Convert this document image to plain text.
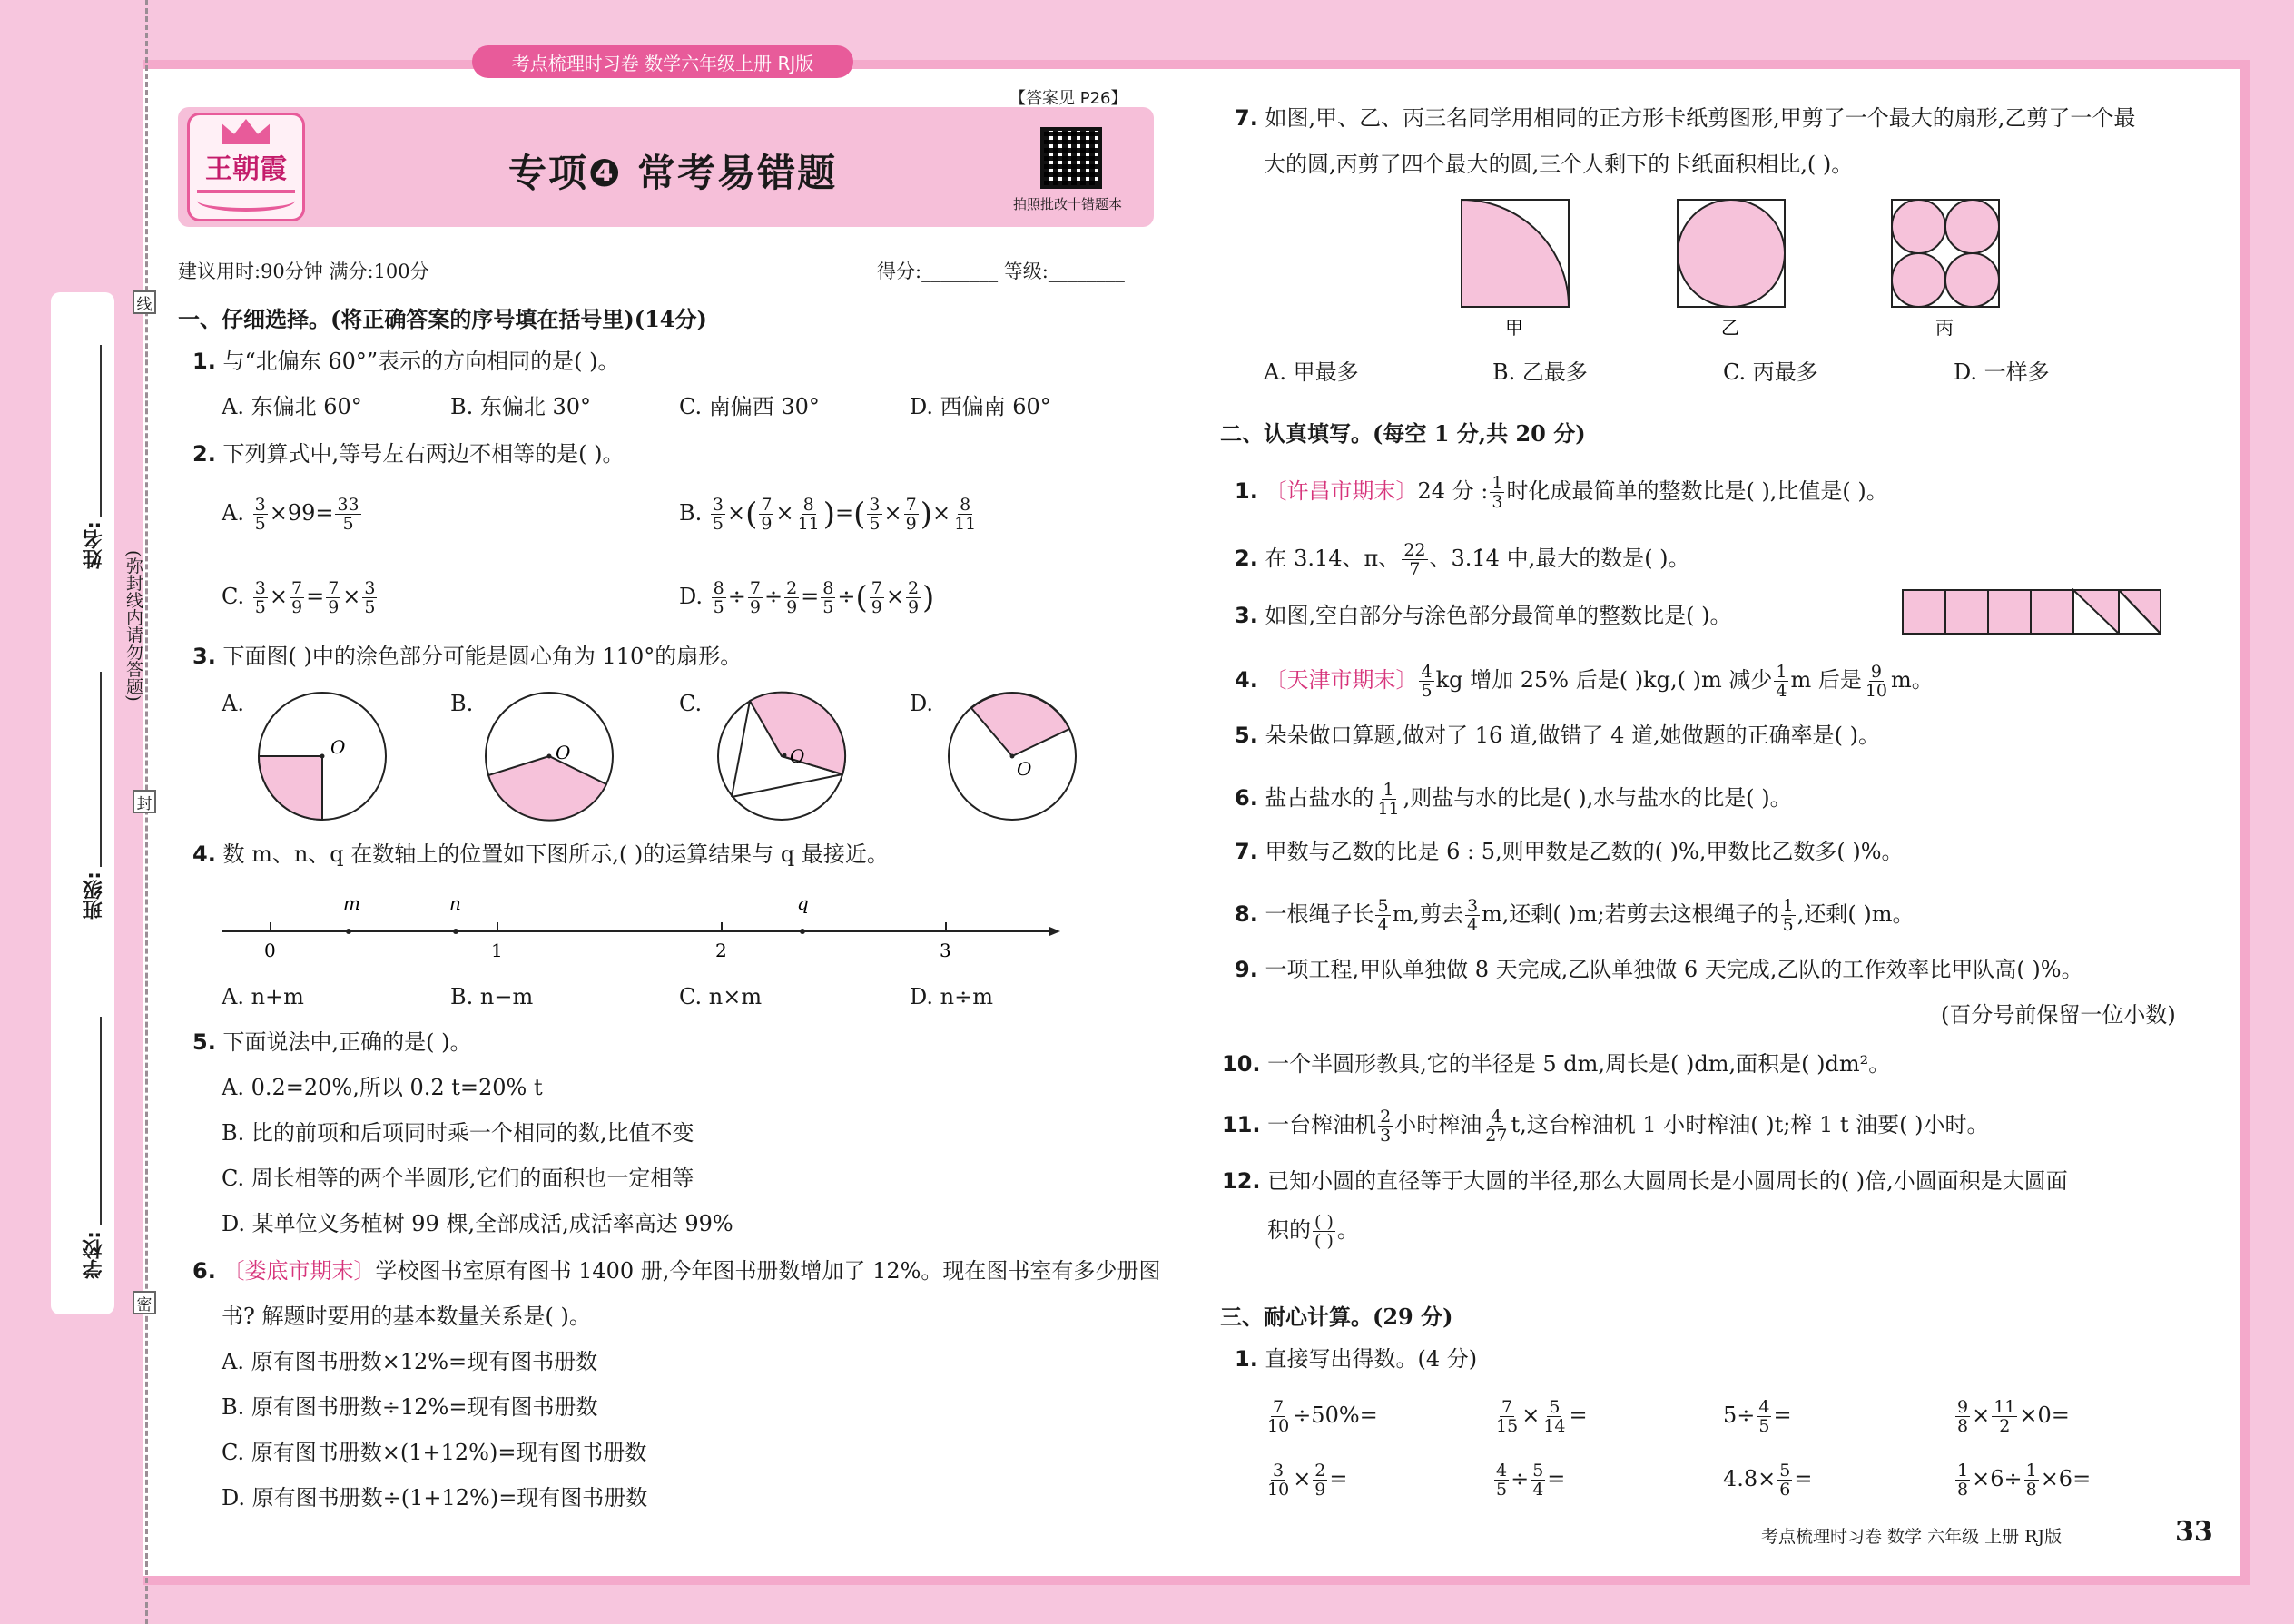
考点梳理时习卷 数学六年级上册 RJ版
王朝霞	专项❹ 常考易错题
【答案见 P26】
拍照批改十错题本
建议用时:90分钟 满分:100分	得分:________ 等级:________
姓名:
班级:
学校:
(弥封线内请勿答题)
线
封
密
一、仔细选择。(将正确答案的序号填在括号里)(14分)
1. 与“北偏东 60°”表示的方向相同的是( )。
A. 东偏北 60°	B. 东偏北 30°	C. 南偏西 30°	D. 西偏南 60°
2. 下列算式中,等号左右两边不相等的是( )。
A. $\frac{3}{5} \times 99= \frac{33}{5}$	B. $\frac{3}{5}$ ×( $\frac{7}{9} \times \frac{8}{11}$ )=( $\frac{3}{5} \times \frac{7}{9}$ )× $\frac{8}{11}$
C. $\frac{3}{5} \times \frac{7}{9} = \frac{7}{9} \times \frac{3}{5}$	D. $\frac{8}{5} \div \frac{7}{9} \div \frac{2}{9} = \frac{8}{5}$ ÷( $\frac{7}{9} \times \frac{2}{9}$ )
3. 下面图( )中的涂色部分可能是圆心角为 110°的扇形。
A.	B.	C.	D.
O	O	O
O
4. 数 m、n、q 在数轴上的位置如下图所示,( )的运算结果与 q 最接近。
m	n	q
0	1	2	3
A. n+m	B. n−m	C. n×m	D. n÷m
5. 下面说法中,正确的是( )。
A. 0.2=20%,所以 0.2 t=20% t
B. 比的前项和后项同时乘一个相同的数,比值不变
C. 周长相等的两个半圆形,它们的面积也一定相等
D. 某单位义务植树 99 棵,全部成活,成活率高达 99%
6. 〔娄底市期末〕学校图书室原有图书 1400 册,今年图书册数增加了 12%。现在图书室有多少册图
书? 解题时要用的基本数量关系是( )。
A. 原有图书册数×12%=现有图书册数
B. 原有图书册数÷12%=现有图书册数
C. 原有图书册数×(1+12%)=现有图书册数
D. 原有图书册数÷(1+12%)=现有图书册数
7. 如图,甲、乙、丙三名同学用相同的正方形卡纸剪图形,甲剪了一个最大的扇形,乙剪了一个最
大的圆,丙剪了四个最大的圆,三个人剩下的卡纸面积相比,( )。
甲	乙	丙
A. 甲最多	B. 乙最多	C. 丙最多	D. 一样多
二、认真填写。(每空 1 分,共 20 分)
1. 〔许昌市期末〕24 分 : $\frac{1}{3}$ 时化成最简单的整数比是( ),比值是( )。
2. 在 3.14、π、 $\frac{22}{7}$ 、3.1̇4̇ 中,最大的数是( )。
3. 如图,空白部分与涂色部分最简单的整数比是( )。
4. 〔天津市期末〕 $\frac{4}{5}$ kg 增加 25% 后是( )kg,( )m 减少 $\frac{1}{4}$ m 后是 $\frac{9}{10}$ m。
5. 朵朵做口算题,做对了 16 道,做错了 4 道,她做题的正确率是( )。
6. 盐占盐水的 $\frac{1}{11}$ ,则盐与水的比是( ),水与盐水的比是( )。
7. 甲数与乙数的比是 6 : 5,则甲数是乙数的( )%,甲数比乙数多( )%。
8. 一根绳子长 $\frac{5}{4} m$,剪去 $\frac{3}{4} m$,还剩( )m;若剪去这根绳子的 $\frac{1}{5}$ ,还剩( )m。
9. 一项工程,甲队单独做 8 天完成,乙队单独做 6 天完成,乙队的工作效率比甲队高( )%。
(百分号前保留一位小数)
10. 一个半圆形教具,它的半径是 5 dm,周长是( )dm,面积是( )dm²。
11. 一台榨油机 $\frac{2}{3}$ 小时榨油 $\frac{4}{27} t$,这台榨油机 1 小时榨油( )t;榨 1 t 油要( )小时。
12. 已知小圆的直径等于大圆的半径,那么大圆周长是小圆周长的( )倍,小圆面积是大圆面
积的 $\frac{( )}{( )}$ 。
三、耐心计算。(29 分)
1. 直接写出得数。(4 分)
$\frac{7}{10} \div 50\%=$	$\frac{7}{15} \times \frac{5}{14}$ =	$5\div \frac{4}{5}$ =	$\frac{9}{8} \times \frac{11}{2} \times 0=$
$\frac{3}{10} \times \frac{2}{9}$ =	$\frac{4}{5} \div \frac{5}{4}$ =	$4.8\times \frac{5}{6}$ =	$\frac{1}{8} \times 6\div \frac{1}{8} \times 6=$
考点梳理时习卷 数学 六年级 上册 RJ版	33
